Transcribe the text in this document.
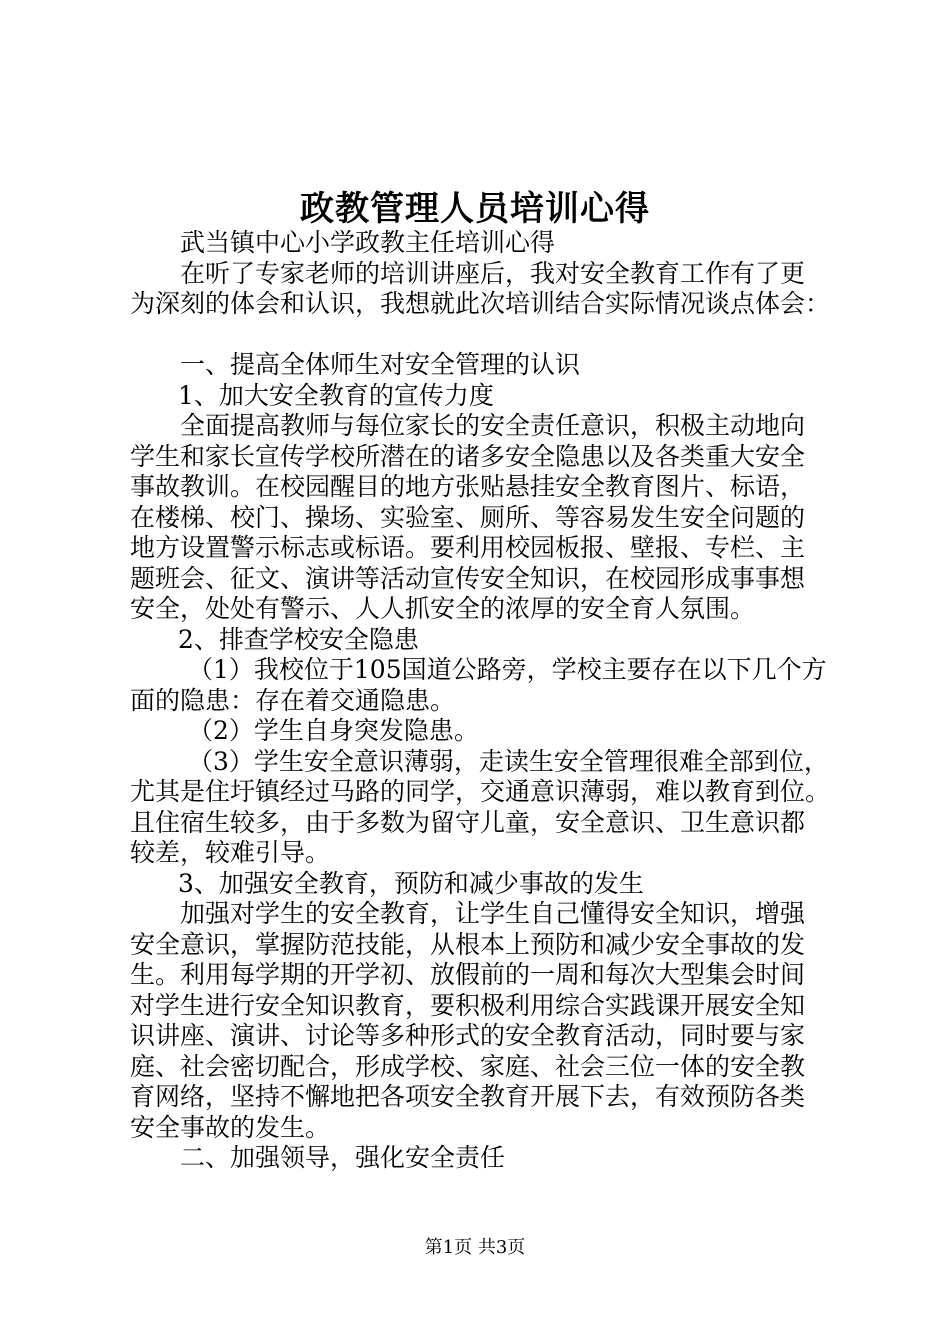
政教管理人员培训心得
武当镇中心小学政教主任培训心得
在听了专家老师的培训讲座后，我对安全教育工作有了更
为深刻的体会和认识，我想就此次培训结合实际情况谈点体会：
一、提高全体师生对安全管理的认识
1、加大安全教育的宣传力度
全面提高教师与每位家长的安全责任意识，积极主动地向
学生和家长宣传学校所潜在的诸多安全隐患以及各类重大安全
事故教训。在校园醒目的地方张贴悬挂安全教育图片、标语，
在楼梯、校门、操场、实验室、厕所、等容易发生安全问题的
地方设置警示标志或标语。要利用校园板报、壁报、专栏、主
题班会、征文、演讲等活动宣传安全知识，在校园形成事事想
安全，处处有警示、人人抓安全的浓厚的安全育人氛围。
2、排查学校安全隐患
（1）我校位于105国道公路旁，学校主要存在以下几个方
面的隐患：存在着交通隐患。
（2）学生自身突发隐患。
（3）学生安全意识薄弱，走读生安全管理很难全部到位，
尤其是住圩镇经过马路的同学，交通意识薄弱，难以教育到位。
且住宿生较多，由于多数为留守儿童，安全意识、卫生意识都
较差，较难引导。
3、加强安全教育，预防和减少事故的发生
加强对学生的安全教育，让学生自己懂得安全知识，增强
安全意识，掌握防范技能，从根本上预防和减少安全事故的发
生。利用每学期的开学初、放假前的一周和每次大型集会时间
对学生进行安全知识教育，要积极利用综合实践课开展安全知
识讲座、演讲、讨论等多种形式的安全教育活动，同时要与家
庭、社会密切配合，形成学校、家庭、社会三位一体的安全教
育网络，坚持不懈地把各项安全教育开展下去，有效预防各类
安全事故的发生。
二、加强领导，强化安全责任
第1页 共3页
